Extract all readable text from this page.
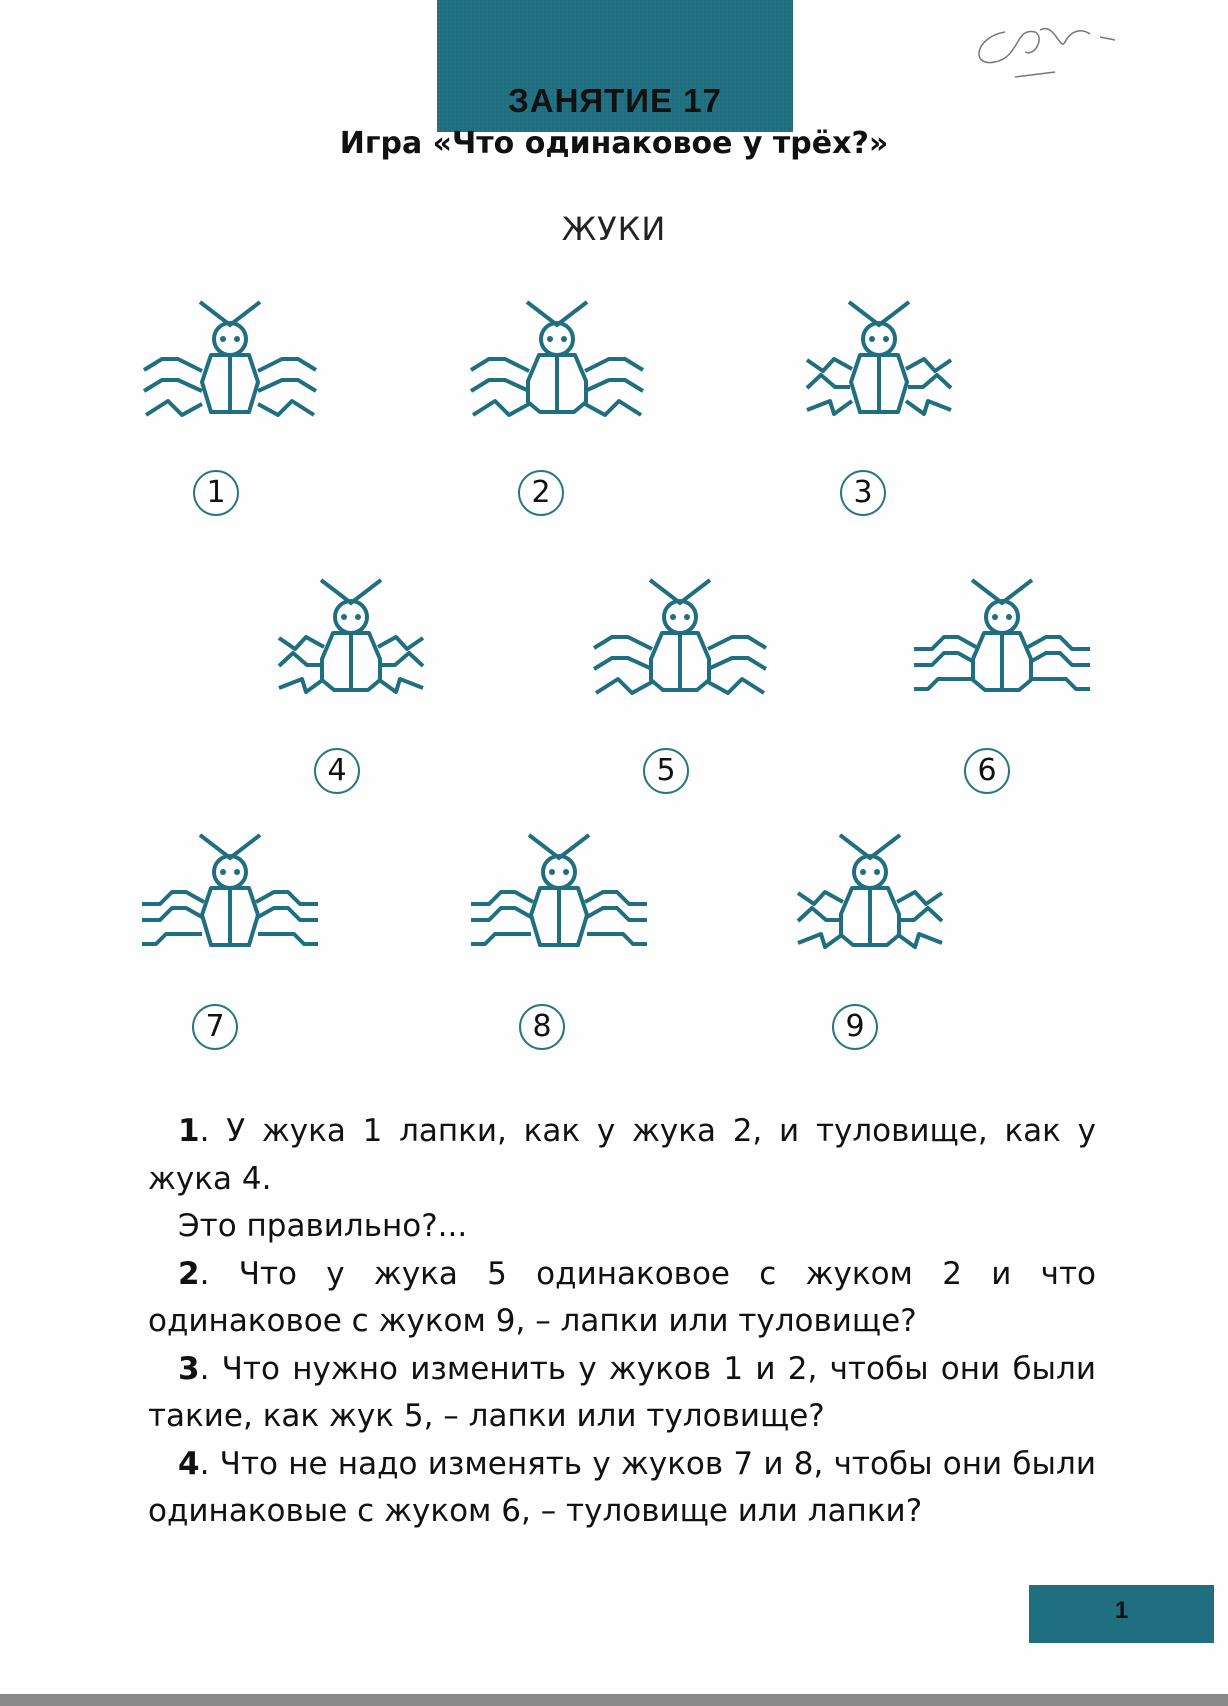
ЗАНЯТИЕ 17
Игра «Что одинаковое у трёх?»
ЖУКИ
1	2	3
4	5	6
7	8	9

1. У жука 1 лапки, как у жука 2, и туловище, как у жука 4.

Это правильно?...

2. Что у жука 5 одинаковое с жуком 2 и что одинаковое с жуком 9, – лапки или туловище?

3. Что нужно изменить у жуков 1 и 2, чтобы они были такие, как жук 5, – лапки или туловище?

4. Что не надо изменять у жуков 7 и 8, чтобы они были одинаковые с жуком 6, – туловище или лапки?

1
